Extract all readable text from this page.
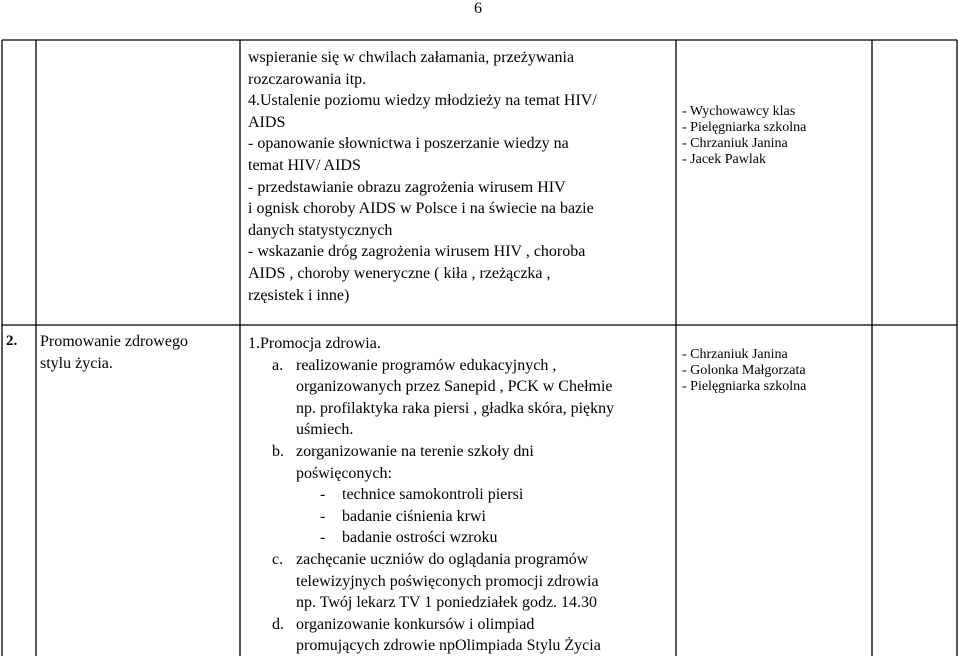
6
wspieranie się w chwilach załamania, przeżywania
rozczarowania itp.
4.Ustalenie poziomu wiedzy młodzieży na temat HIV/
AIDS
- opanowanie słownictwa i poszerzanie wiedzy na
temat HIV/ AIDS
- przedstawianie obrazu zagrożenia wirusem HIV
i ognisk choroby AIDS w Polsce i na świecie na bazie
danych statystycznych
- wskazanie dróg zagrożenia wirusem HIV , choroba
AIDS , choroby weneryczne ( kiła , rzeżączka ,
rzęsistek i inne)
- Wychowawcy klas
- Pielęgniarka szkolna
- Chrzaniuk Janina
- Jacek Pawlak
2. Promowanie zdrowego
stylu życia.
1.Promocja zdrowia.
a. realizowanie programów edukacyjnych ,
organizowanych przez Sanepid , PCK w Chełmie
np. profilaktyka raka piersi , gładka skóra, piękny
uśmiech.
b. zorganizowanie na terenie szkoły dni
poświęconych:
- technice samokontroli piersi
- badanie ciśnienia krwi
- badanie ostrości wzroku
c. zachęcanie uczniów do oglądania programów
telewizyjnych poświęconych promocji zdrowia
np. Twój lekarz TV 1 poniedziałek godz. 14.30
d. organizowanie konkursów i olimpiad
promujących zdrowie npOlimpiada Stylu Życia
- Chrzaniuk Janina
- Golonka Małgorzata
- Pielęgniarka szkolna
